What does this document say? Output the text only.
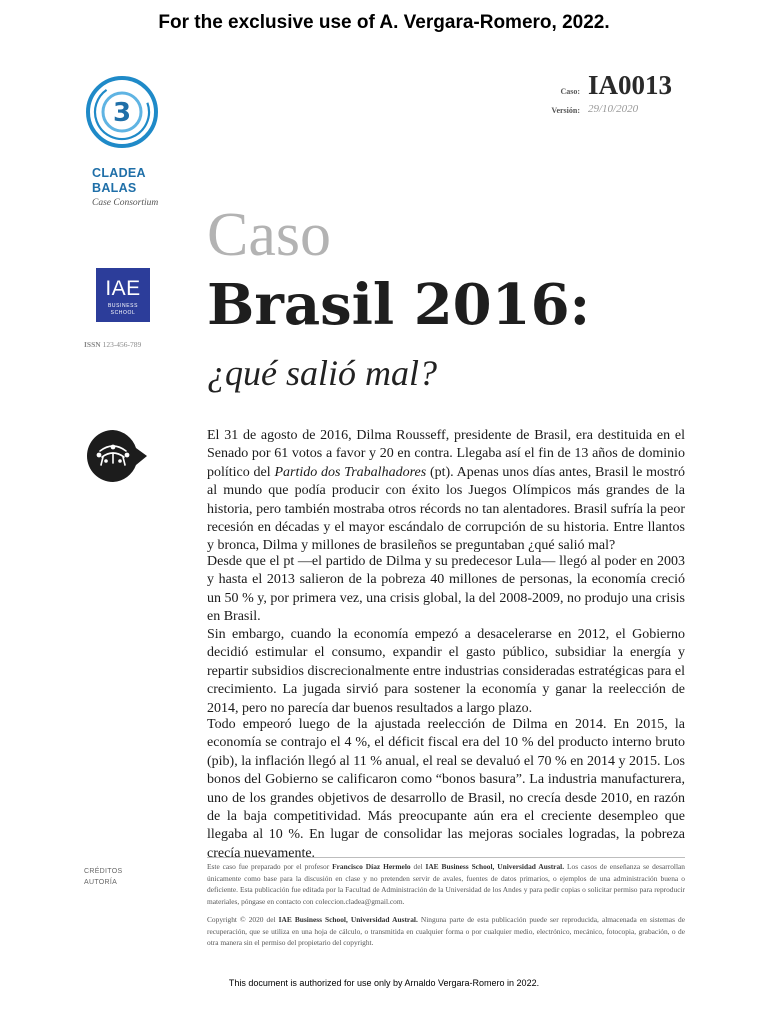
For the exclusive use of A. Vergara-Romero, 2022.
3
CLADEA
BALAS
Case Consortium
IAE
BUSINESS
SCHOOL
ISSN 123-456-789
Caso: IA0013
Versión: 29/10/2020
Caso
Brasil 2016:
¿qué salió mal?

El 31 de agosto de 2016, Dilma Rousseff, presidente de Brasil, era destituida en el Senado por 61 votos a favor y 20 en contra. Llegaba así el fin de 13 años de dominio político del Partido dos Trabalhadores (pt). Apenas unos días antes, Brasil le mostró al mundo que podía producir con éxito los Juegos Olímpicos más grandes de la historia, pero también mostraba otros récords no tan alentadores. Brasil sufría la peor recesión en décadas y el mayor escándalo de corrupción de su historia. Entre llantos y bronca, Dilma y millones de brasileños se preguntaban ¿qué salió mal?

Desde que el pt —el partido de Dilma y su predecesor Lula— llegó al poder en 2003 y hasta el 2013 salieron de la pobreza 40 millones de personas, la economía creció un 50 % y, por primera vez, una crisis global, la del 2008-2009, no produjo una crisis en Brasil.

Sin embargo, cuando la economía empezó a desacelerarse en 2012, el Gobierno decidió estimular el consumo, expandir el gasto público, subsidiar la energía y repartir subsidios discrecionalmente entre industrias consideradas estratégicas para el crecimiento. La jugada sirvió para sostener la economía y ganar la reelección de 2014, pero no parecía dar buenos resultados a largo plazo.

Todo empeoró luego de la ajustada reelección de Dilma en 2014. En 2015, la economía se contrajo el 4 %, el déficit fiscal era del 10 % del producto interno bruto (pib), la inflación llegó al 11 % anual, el real se devaluó el 70 % en 2014 y 2015. Los bonos del Gobierno se calificaron como “bonos basura”. La industria manufacturera, uno de los grandes objetivos de desarrollo de Brasil, no crecía desde 2010, en razón de la baja competitividad. Más preocupante aún era el creciente desempleo que llegaba al 10 %. En lugar de consolidar las mejoras sociales logradas, la pobreza crecía nuevamente.

CRÉDITOS
AUTORÍA
Este caso fue preparado por el profesor Francisco Díaz Hermelo del IAE Business School, Universidad Austral. Los casos de enseñanza se desarrollan únicamente como base para la discusión en clase y no pretenden servir de avales, fuentes de datos primarios, o ejemplos de una administración buena o deficiente. Esta publicación fue editada por la Facultad de Administración de la Universidad de los Andes y para pedir copias o solicitar permiso para reproducir materiales, póngase en contacto con coleccion.cladea@gmail.com.
Copyright © 2020 del IAE Business School, Universidad Austral. Ninguna parte de esta publicación puede ser reproducida, almacenada en sistemas de recuperación, que se utiliza en una hoja de cálculo, o transmitida en cualquier forma o por cualquier medio, electrónico, mecánico, fotocopia, grabación, o de otra manera sin el permiso del propietario del copyright.
This document is authorized for use only by Arnaldo Vergara-Romero in 2022.
